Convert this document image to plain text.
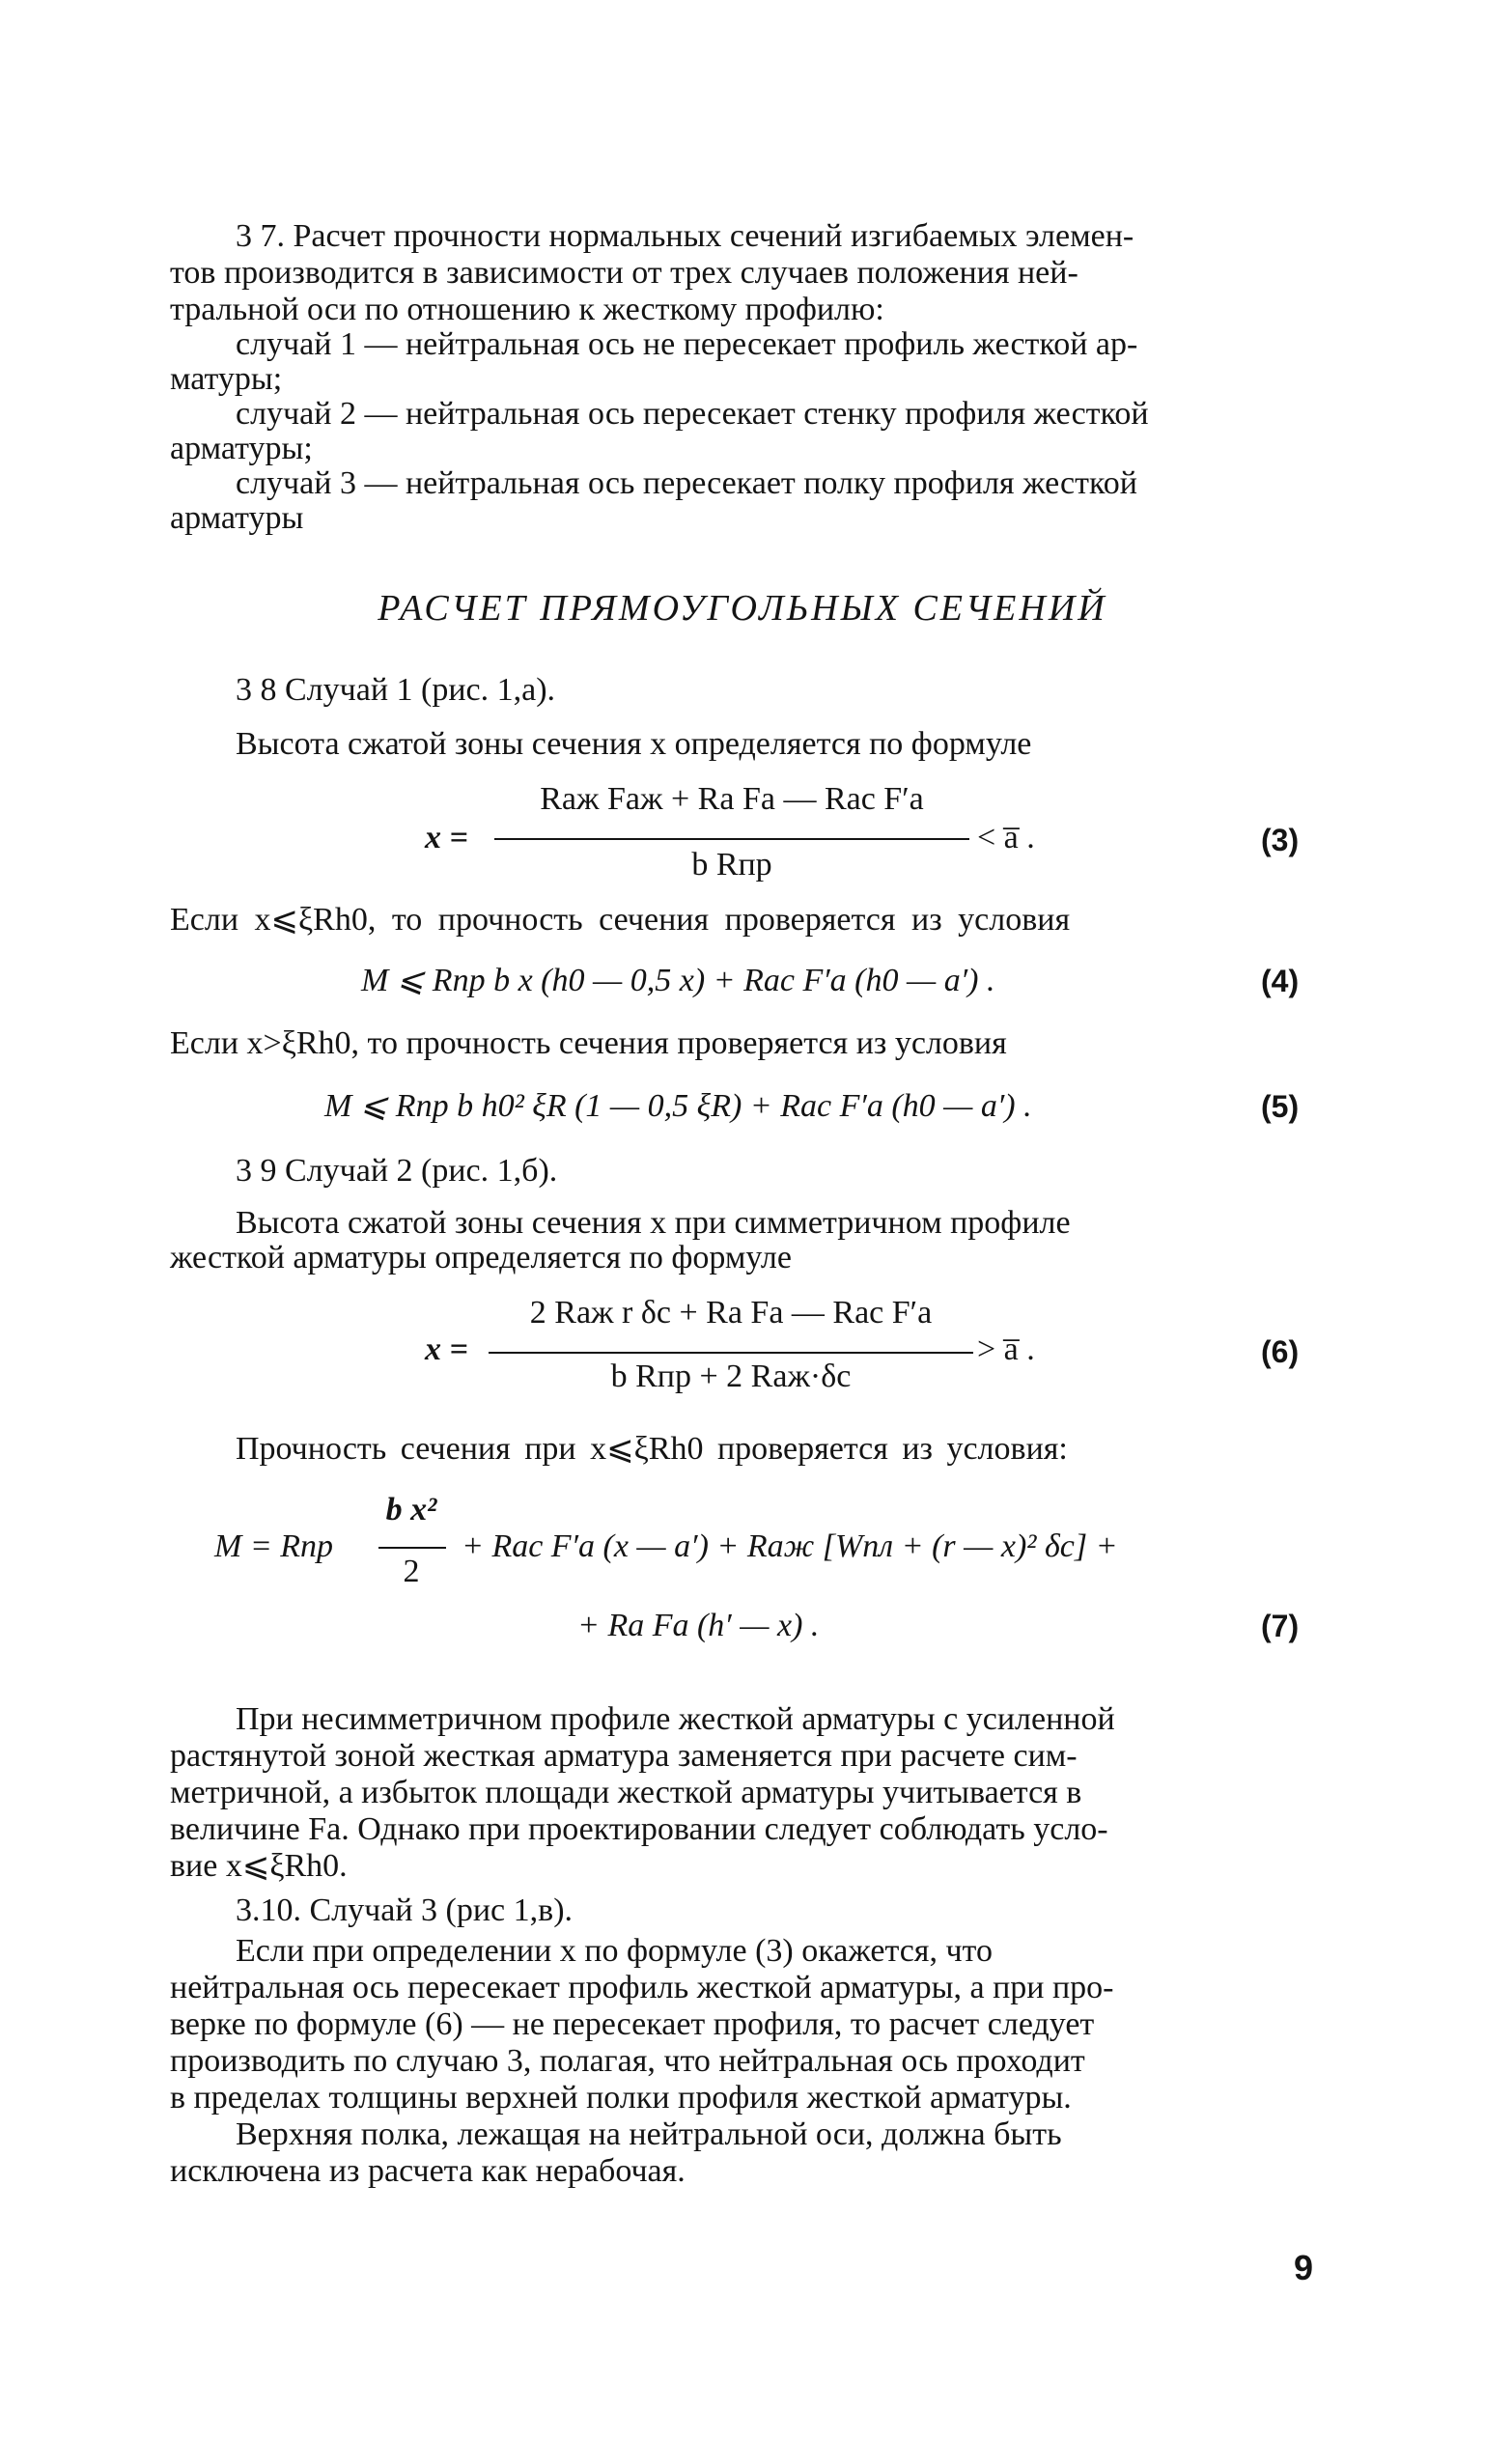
3 7. Расчет прочности нормальных сечений изгибаемых элемен-
тов производится в зависимости от трех случаев положения ней-
тральной оси по отношению к жесткому профилю:
случай 1 — нейтральная ось не пересекает профиль жесткой ар-
матуры;
случай 2 — нейтральная ось пересекает стенку профиля жесткой
арматуры;
случай 3 — нейтральная ось пересекает полку профиля жесткой
арматуры
РАСЧЕТ ПРЯМОУГОЛЬНЫХ СЕЧЕНИЙ
3 8 Случай 1 (рис. 1,а).
Высота сжатой зоны сечения x определяется по формуле
x =
Rаж Fаж + Rа Fа — Rас F′а
b Rпр
< a̅ .	(3)
Если x⩽ξRh0, то прочность сечения проверяется из условия
M ⩽ Rпр b x (h0 — 0,5 x) + Rас F′а (h0 — a′) .	(4)
Если x>ξRh0, то прочность сечения проверяется из условия
M ⩽ Rпр b h0² ξR (1 — 0,5 ξR) + Rас F′а (h0 — a′) .	(5)
3 9 Случай 2 (рис. 1,б).
Высота сжатой зоны сечения x при симметричном профиле
жесткой арматуры определяется по формуле
x =
2 Rаж r δс + Rа Fа — Rас F′а
b Rпр + 2 Rаж·δс
> a̅ .	(6)
Прочность сечения при x⩽ξRh0 проверяется из условия:
M = Rпр
b x²
2
+ Rас F′а (x — a′) + Rаж [Wпл + (r — x)² δс] +
+ Rа Fа (h′ — x) .	(7)
При несимметричном профиле жесткой арматуры с усиленной
растянутой зоной жесткая арматура заменяется при расчете сим-
метричной, а избыток площади жесткой арматуры учитывается в
величине Fа. Однако при проектировании следует соблюдать усло-
вие x⩽ξRh0.
3.10. Случай 3 (рис 1,в).
Если при определении x по формуле (3) окажется, что
нейтральная ось пересекает профиль жесткой арматуры, а при про-
верке по формуле (6) — не пересекает профиля, то расчет следует
производить по случаю 3, полагая, что нейтральная ось проходит
в пределах толщины верхней полки профиля жесткой арматуры.
Верхняя полка, лежащая на нейтральной оси, должна быть
исключена из расчета как нерабочая.
9
